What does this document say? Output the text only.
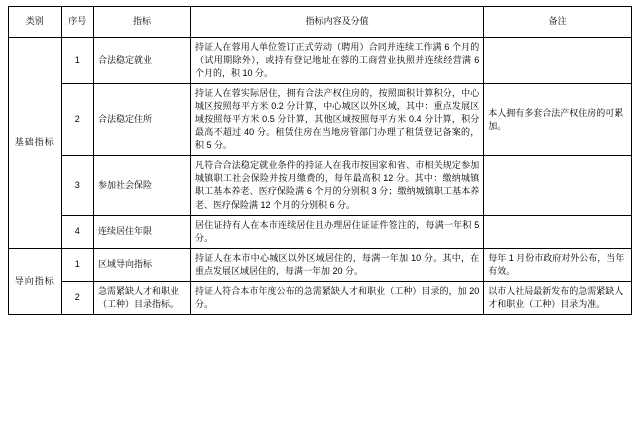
类别	序号	指标	指标内容及分值	备注
基础指标	1	合法稳定就业	持证人在蓉用人单位签订正式劳动（聘用）合同并连续工作满 6 个月的（试用期除外），或持有登记地址在蓉的工商营业执照并连续经营满 6 个月的，积 10 分。	
	2	合法稳定住所	持证人在蓉实际居住，拥有合法产权住房的，按照面积计算积分，中心城区按照每平方米 0.2 分计算，中心城区以外区域，其中：重点发展区域按照每平方米 0.5 分计算，其他区域按照每平方米 0.4 分计算，积分最高不超过 40 分。租赁住房在当地房管部门办理了租赁登记备案的，积 5 分。	本人拥有多套合法产权住房的可累加。
	3	参加社会保险	凡符合合法稳定就业条件的持证人在我市按国家和省、市相关规定参加城镇职工社会保险并按月缴费的，每年最高积 12 分。其中：缴纳城镇职工基本养老、医疗保险满 6 个月的分别积 3 分；缴纳城镇职工基本养老、医疗保险满 12 个月的分别积 6 分。	
	4	连续居住年限	居住证持有人在本市连续居住且办理居住证证件签注的，每满一年积 5 分。	
导向指标	1	区域导向指标	持证人在本市中心城区以外区域居住的，每满一年加 10 分。其中，在重点发展区域居住的，每满一年加 20 分。	每年 1 月份市政府对外公布，当年有效。
	2	急需紧缺人才和职业（工种）目录指标。	持证人符合本市年度公布的急需紧缺人才和职业（工种）目录的，加 20 分。	以市人社局最新发布的急需紧缺人才和职业（工种）目录为准。
